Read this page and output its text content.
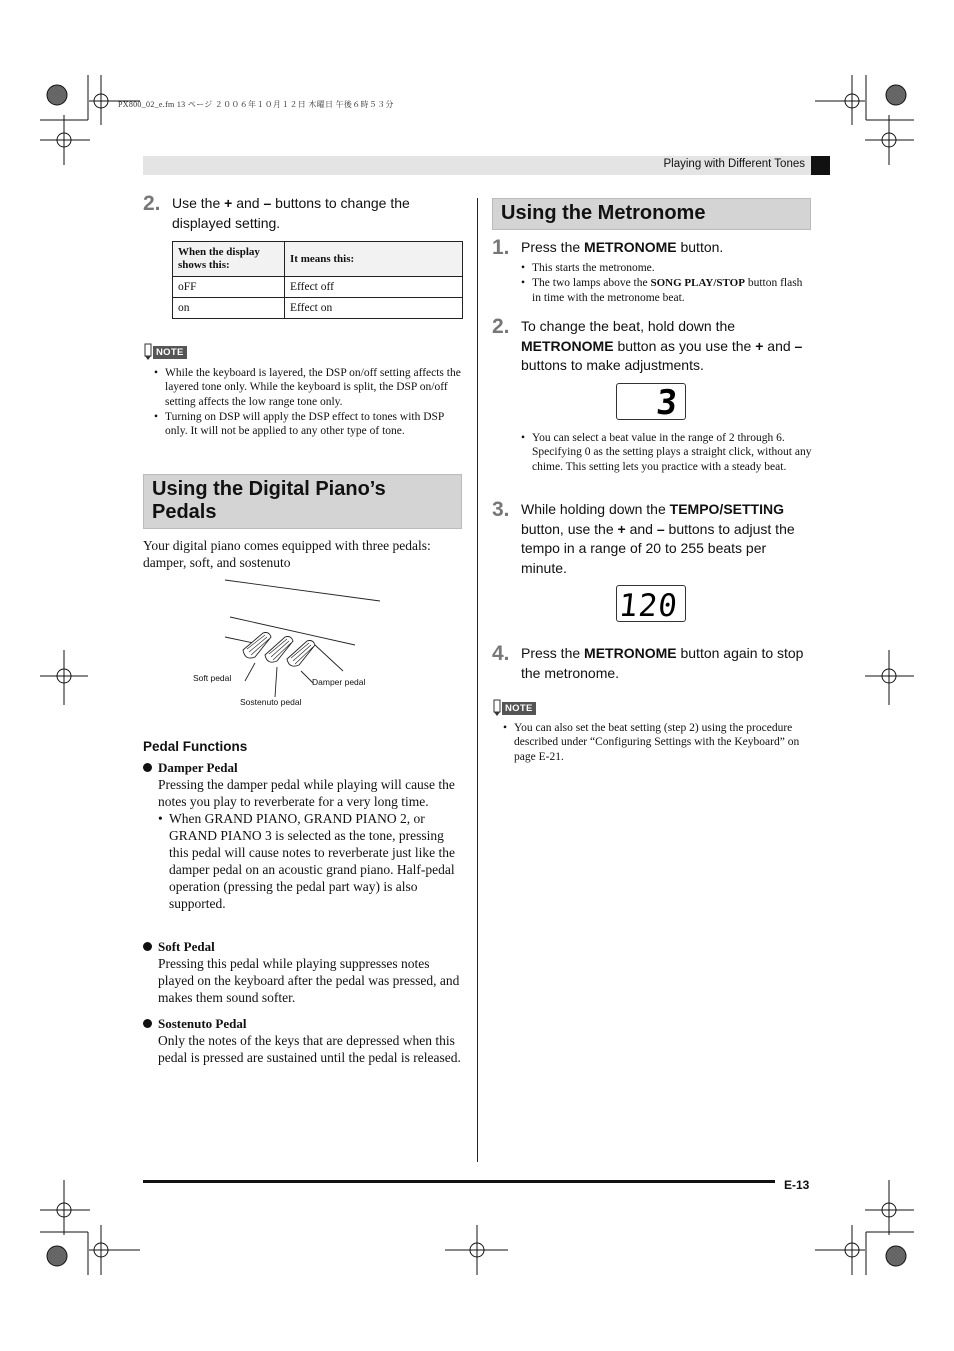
PX800_02_e.fm 13 ページ ２００６年１０月１２日 木曜日 午後６時５３分
Playing with Different Tones
2. Use the + and – buttons to change the displayed setting.
When the display shows this:	It means this:
oFF	Effect off
on	Effect on
NOTE
• While the keyboard is layered, the DSP on/off setting affects the layered tone only. While the keyboard is split, the DSP on/off setting affects the low range tone only.
• Turning on DSP will apply the DSP effect to tones with DSP only. It will not be applied to any other type of tone.
Using the Digital Piano’s
Pedals
Your digital piano comes equipped with three pedals: damper, soft, and sostenuto
Soft pedal	Damper pedal
Sostenuto pedal
Pedal Functions
Damper Pedal
Pressing the damper pedal while playing will cause the notes you play to reverberate for a very long time.
• When GRAND PIANO, GRAND PIANO 2, or GRAND PIANO 3 is selected as the tone, pressing this pedal will cause notes to reverberate just like the damper pedal on an acoustic grand piano. Half-pedal operation (pressing the pedal part way) is also supported.
Soft Pedal
Pressing this pedal while playing suppresses notes played on the keyboard after the pedal was pressed, and makes them sound softer.
Sostenuto Pedal
Only the notes of the keys that are depressed when this pedal is pressed are sustained until the pedal is released.
Using the Metronome
1. Press the METRONOME button.
• This starts the metronome.
• The two lamps above the SONG PLAY/STOP button flash in time with the metronome beat.
2. To change the beat, hold down the METRONOME button as you use the + and – buttons to make adjustments.
3
• You can select a beat value in the range of 2 through 6. Specifying 0 as the setting plays a straight click, without any chime. This setting lets you practice with a steady beat.
3. While holding down the TEMPO/SETTING button, use the + and – buttons to adjust the tempo in a range of 20 to 255 beats per minute.
120
4. Press the METRONOME button again to stop the metronome.
NOTE
• You can also set the beat setting (step 2) using the procedure described under “Configuring Settings with the Keyboard” on page E-21.
E-13
